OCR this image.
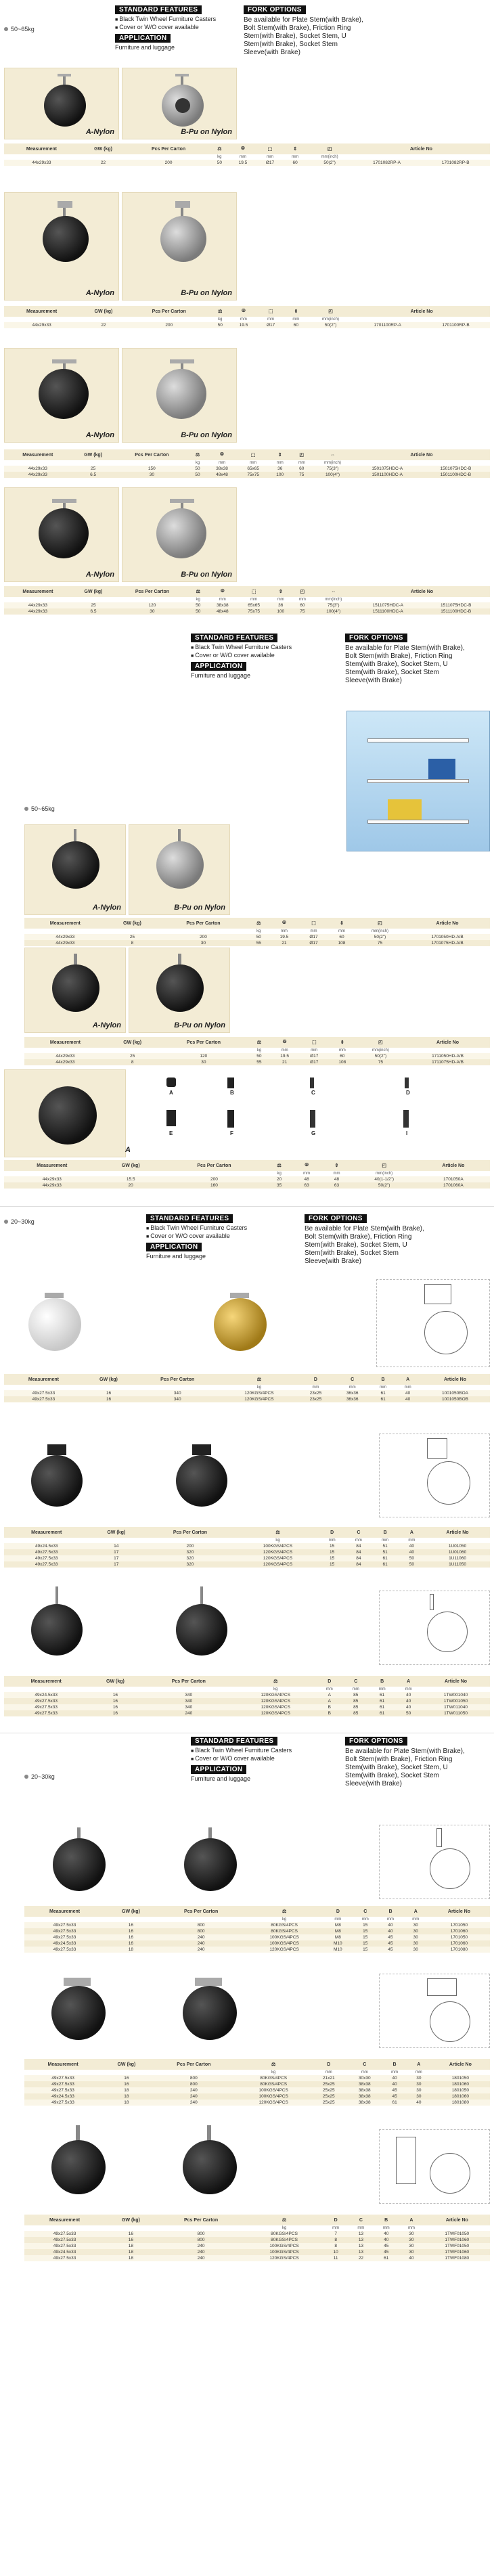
50~65kg
STANDARD FEATURES
■ Black Twin Wheel Furniture Casters
■ Cover or W/O cover available
APPLICATION
Furniture and luggage
FORK OPTIONS

Be available for Plate Stem(with Brake), Bolt Stem(with Brake), Friction Ring Stem(with Brake), Socket Stem, U Stem(with Brake), Socket Stem Sleeve(with Brake)

A-Nylon	B-Pu on Nylon
Measurement	GW (kg)	Pcs Per Carton	⚖	⦾	⬚	⇕	◰	Article No	
			kg	mm	mm	mm	mm(inch)		
44x29x33	22	200	50	19.5	Ø17	60	50(2")	1701082RP-A	1701082RP-B
A-Nylon	B-Pu on Nylon
Measurement	GW (kg)	Pcs Per Carton	⚖	⦾	⬚	⇕	◰	Article No	
			kg	mm	mm	mm	mm(inch)		
44x29x33	22	200	50	19.5	Ø17	60	50(2")	1701100RP-A	1701100RP-B
A-Nylon	B-Pu on Nylon
Measurement	GW (kg)	Pcs Per Carton	⚖	⦾	⬚	⇕	◰	⇔	Article No	
			kg	mm	mm	mm	mm	mm(inch)		
44x29x33	25	150	50	38x38	65x65	36	60	75(3")	1501075HDC-A	1501075HDC-B
44x29x33	6.5	30	50	48x48	75x75	100	75	100(4")	1501100HDC-A	1501100HDC-B
A-Nylon	B-Pu on Nylon
Measurement	GW (kg)	Pcs Per Carton	⚖	⦾	⬚	⇕	◰	⇔	Article No	
			kg	mm	mm	mm	mm	mm(inch)		
44x29x33	25	120	50	38x38	65x65	36	60	75(3")	1511075HDC-A	1511075HDC-B
44x29x33	6.5	30	50	48x48	75x75	100	75	100(4")	1511100HDC-A	1511100HDC-B
STANDARD FEATURES
■ Black Twin Wheel Furniture Casters
■ Cover or W/O cover available
APPLICATION
Furniture and luggage
FORK OPTIONS

Be available for Plate Stem(with Brake), Bolt Stem(with Brake), Friction Ring Stem(with Brake), Socket Stem, U Stem(with Brake), Socket Stem Sleeve(with Brake)

50~65kg
A-Nylon	B-Pu on Nylon
Measurement	GW (kg)	Pcs Per Carton	⚖	⦾	⬚	⇕	◰	Article No
			kg	mm	mm	mm	mm(inch)	
44x29x33	25	200	50	19.5	Ø17	60	50(2")	1701050HD-A/B
44x29x33	8	30	55	21	Ø17	108	75	1701075HD-A/B
A-Nylon	B-Pu on Nylon
Measurement	GW (kg)	Pcs Per Carton	⚖	⦾	⬚	⇕	◰	Article No
			kg	mm	mm	mm	mm(inch)	
44x29x33	25	120	50	19.5	Ø17	60	50(2")	1711050HD-A/B
44x29x33	8	30	55	21	Ø17	108	75	1711075HD-A/B
A
A	B	C	D
E	F	G	I
Measurement	GW (kg)	Pcs Per Carton	⚖	⦾	⇕	◰	Article No
			kg	mm	mm	mm(inch)	
44x29x33	15.5	200	20	48	48	40(1-1/2")	1701050A
44x29x33	20	160	35	63	63	50(2")	1701060A
20~30kg	STANDARD FEATURES
■ Black Twin Wheel Furniture Casters
■ Cover or W/O cover available
APPLICATION
Furniture and luggage
FORK OPTIONS

Be available for Plate Stem(with Brake), Bolt Stem(with Brake), Friction Ring Stem(with Brake), Socket Stem, U Stem(with Brake), Socket Stem Sleeve(with Brake)

Measurement	GW (kg)	Pcs Per Carton	⚖	D	C	B	A	Article No
			kg	mm	mm	mm	mm	
49x27.5x33	16	340	120KGS/4PCS	23x25	36x36	61	40	1001050BOA
49x27.5x33	16	340	120KGS/4PCS	23x25	36x36	61	40	1001050BOB
Measurement	GW (kg)	Pcs Per Carton	⚖	D	C	B	A	Article No
			kg	mm	mm	mm	mm	
49x24.5x33	14	200	100KGS/4PCS	15	84	51	40	1U01050
49x27.5x33	17	320	120KGS/4PCS	15	84	51	40	1U01060
49x27.5x33	17	320	120KGS/4PCS	15	84	61	50	1U11060
49x27.5x33	17	320	120KGS/4PCS	15	84	61	50	1U11050
Measurement	GW (kg)	Pcs Per Carton	⚖	D	C	B	A	Article No
			kg	mm	mm	mm	mm	
49x24.5x33	16	340	120KGS/4PCS	A	85	61	40	1TW001040
49x27.5x33	16	340	120KGS/4PCS	A	85	61	40	1TW001050
49x27.5x33	16	340	120KGS/4PCS	B	85	61	40	1TW011040
49x27.5x33	16	240	120KGS/4PCS	B	85	61	50	1TW011050
20~30kg
STANDARD FEATURES
■ Black Twin Wheel Furniture Casters
■ Cover or W/O cover available
APPLICATION
Furniture and luggage
FORK OPTIONS

Be available for Plate Stem(with Brake), Bolt Stem(with Brake), Friction Ring Stem(with Brake), Socket Stem, U Stem(with Brake), Socket Stem Sleeve(with Brake)

Measurement	GW (kg)	Pcs Per Carton	⚖	D	C	B	A	Article No
			kg	mm	mm	mm	mm	
49x27.5x33	16	800	80KGS/4PCS	M8	15	40	30	1701050
49x27.5x33	16	800	80KGS/4PCS	M8	15	40	30	1701060
49x27.5x33	16	240	100KGS/4PCS	M8	15	45	30	1701050
49x24.5x33	16	240	100KGS/4PCS	M10	15	45	30	1701060
49x27.5x33	18	240	120KGS/4PCS	M10	15	45	30	1701080
Measurement	GW (kg)	Pcs Per Carton	⚖	D	C	B	A	Article No
			kg	mm	mm	mm	mm	
49x27.5x33	16	800	80KGS/4PCS	21x21	30x30	40	30	1801050
49x27.5x33	16	800	80KGS/4PCS	25x25	38x38	40	30	1801060
49x27.5x33	18	240	100KGS/4PCS	25x25	38x38	45	30	1801050
49x24.5x33	18	240	100KGS/4PCS	25x25	38x38	45	30	1801060
49x27.5x33	18	240	120KGS/4PCS	25x25	38x38	61	40	1801080
Measurement	GW (kg)	Pcs Per Carton	⚖	D	C	B	A	Article No
			kg	mm	mm	mm	mm	
49x27.5x33	16	800	80KGS/4PCS	7	13	40	30	1TWF01050
49x27.5x33	16	800	80KGS/4PCS	8	13	40	30	1TWF01060
49x27.5x33	18	240	100KGS/4PCS	8	13	45	30	1TWF01050
49x24.5x33	18	240	100KGS/4PCS	10	13	45	30	1TWF01060
49x27.5x33	18	240	120KGS/4PCS	11	22	61	40	1TWF01080
